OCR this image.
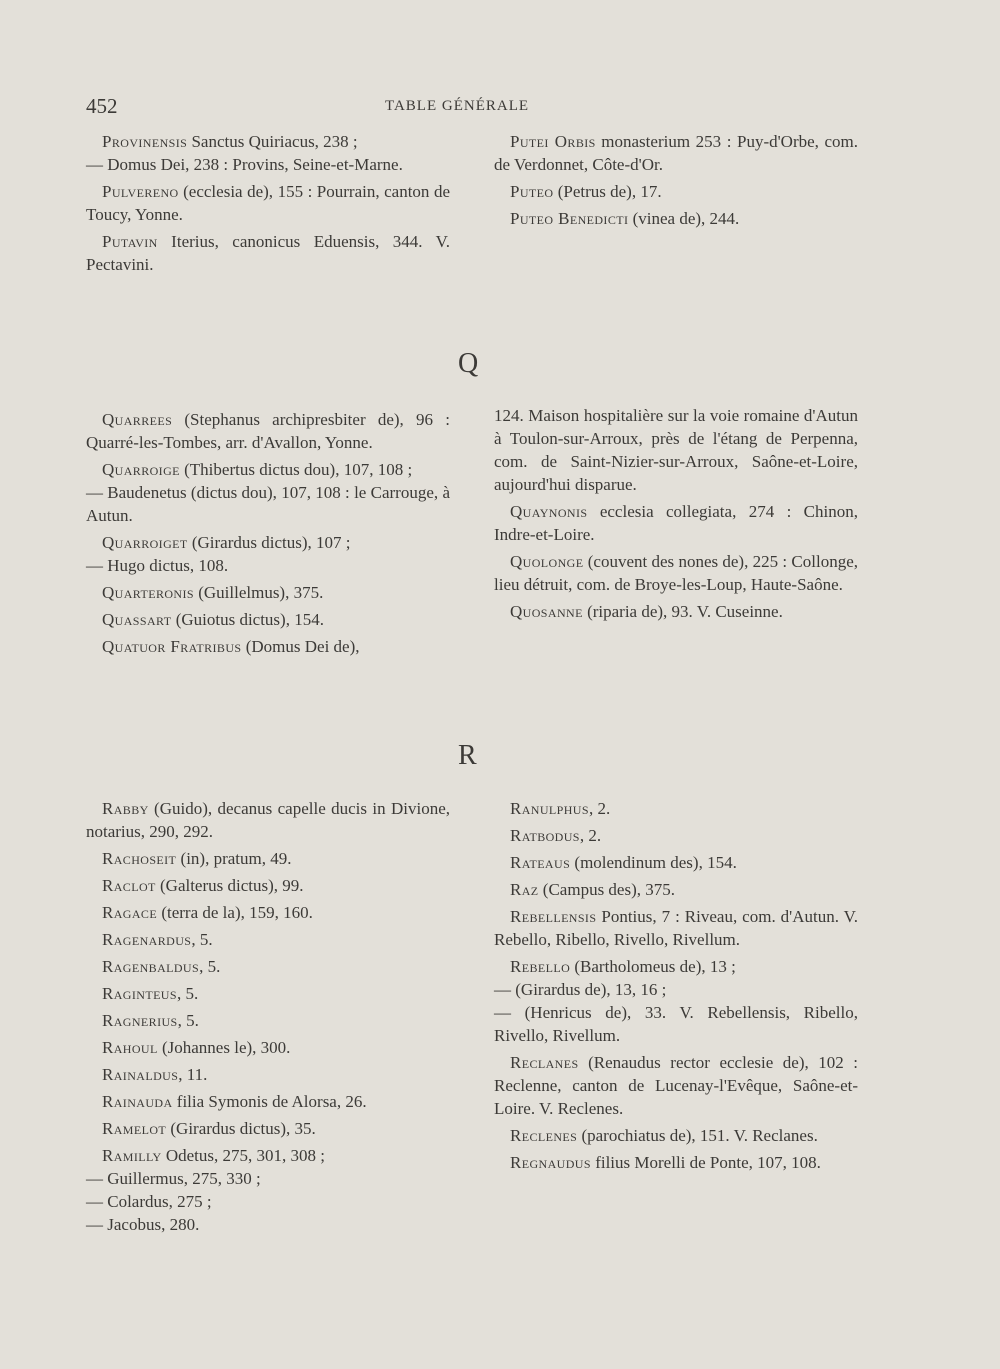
452	TABLE GÉNÉRALE
Provinensis Sanctus Quiriacus, 238 ;
— Domus Dei, 238 : Provins, Seine-et-Marne.
Pulvereno (ecclesia de), 155 : Pourrain, canton de Toucy, Yonne.
Putavin Iterius, canonicus Eduensis, 344. V. Pectavini.
Putei Orbis monasterium 253 : Puy-d'Orbe, com. de Verdonnet, Côte-d'Or.
Puteo (Petrus de), 17.
Puteo Benedicti (vinea de), 244.
Q
Quarrees (Stephanus archipresbiter de), 96 : Quarré-les-Tombes, arr. d'Avallon, Yonne.
Quarroige (Thibertus dictus dou), 107, 108 ;
— Baudenetus (dictus dou), 107, 108 : le Carrouge, à Autun.
Quarroiget (Girardus dictus), 107 ;
— Hugo dictus, 108.
Quarteronis (Guillelmus), 375.
Quassart (Guiotus dictus), 154.
Quatuor Fratribus (Domus Dei de),
124. Maison hospitalière sur la voie romaine d'Autun à Toulon-sur-Arroux, près de l'étang de Perpenna, com. de Saint-Nizier-sur-Arroux, Saône-et-Loire, aujourd'hui disparue.
Quaynonis ecclesia collegiata, 274 : Chinon, Indre-et-Loire.
Quolonge (couvent des nones de), 225 : Collonge, lieu détruit, com. de Broye-les-Loup, Haute-Saône.
Quosanne (riparia de), 93. V. Cuseinne.
R
Rabby (Guido), decanus capelle ducis in Divione, notarius, 290, 292.
Rachoseit (in), pratum, 49.
Raclot (Galterus dictus), 99.
Ragace (terra de la), 159, 160.
Ragenardus, 5.
Ragenbaldus, 5.
Raginteus, 5.
Ragnerius, 5.
Rahoul (Johannes le), 300.
Rainaldus, 11.
Rainauda filia Symonis de Alorsa, 26.
Ramelot (Girardus dictus), 35.
Ramilly Odetus, 275, 301, 308 ;
— Guillermus, 275, 330 ;
— Colardus, 275 ;
— Jacobus, 280.
Ranulphus, 2.
Ratbodus, 2.
Rateaus (molendinum des), 154.
Raz (Campus des), 375.
Rebellensis Pontius, 7 : Riveau, com. d'Autun. V. Rebello, Ribello, Rivello, Rivellum.
Rebello (Bartholomeus de), 13 ;
— (Girardus de), 13, 16 ;
— (Henricus de), 33. V. Rebellensis, Ribello, Rivello, Rivellum.
Reclanes (Renaudus rector ecclesie de), 102 : Reclenne, canton de Lucenay-l'Evêque, Saône-et-Loire. V. Reclenes.
Reclenes (parochiatus de), 151. V. Reclanes.
Regnaudus filius Morelli de Ponte, 107, 108.
